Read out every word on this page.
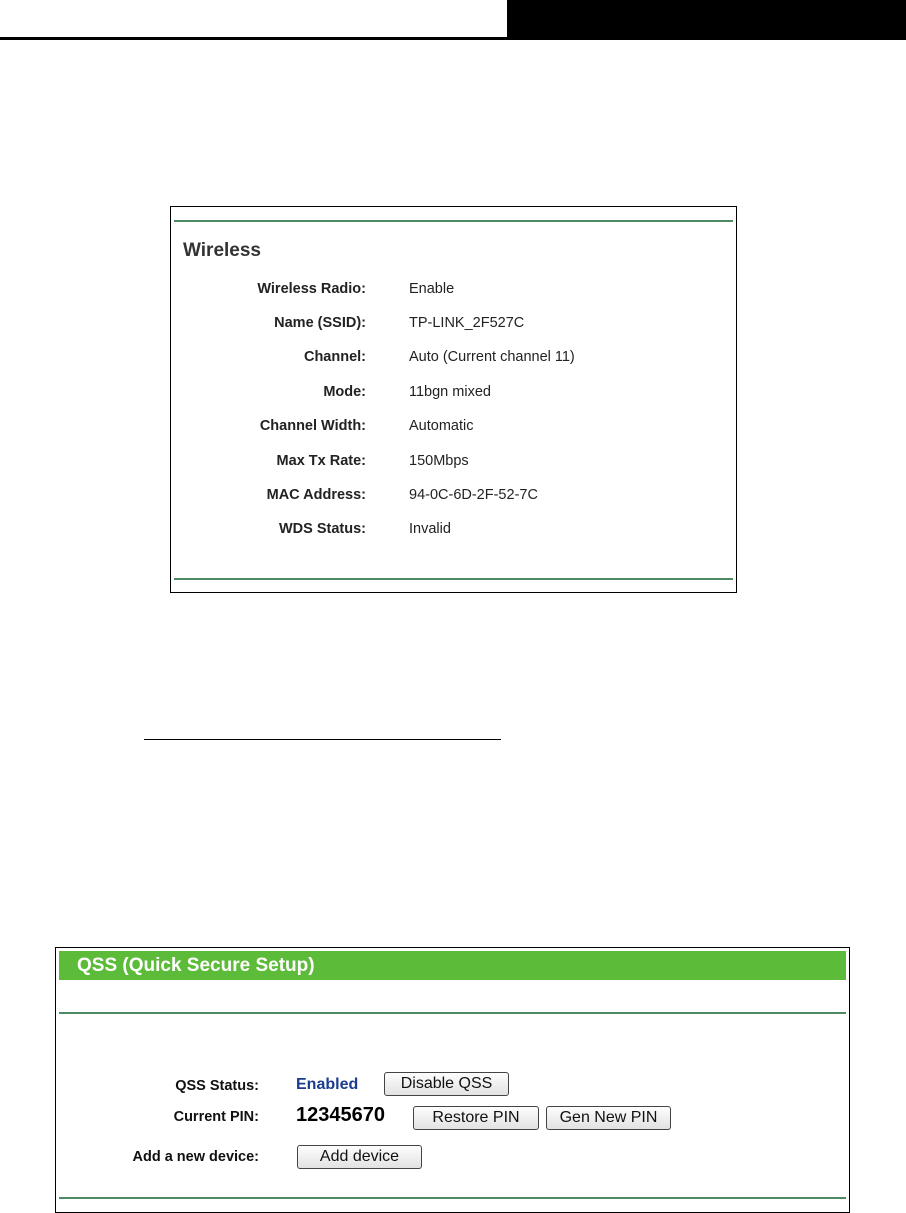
Wireless
Wireless Radio:	Enable
Name (SSID):	TP-LINK_2F527C
Channel:	Auto (Current channel 11)
Mode:	11bgn mixed
Channel Width:	Automatic
Max Tx Rate:	150Mbps
MAC Address:	94-0C-6D-2F-52-7C
WDS Status:	Invalid
QSS (Quick Secure Setup)
QSS Status: Enabled	Disable QSS
Current PIN: 12345670	Restore PIN	Gen New PIN
Add a new device:	Add device
